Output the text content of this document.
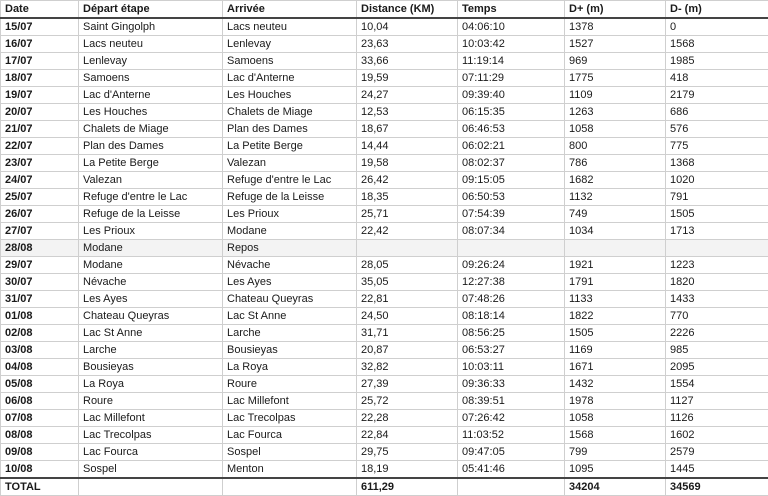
Date	Départ étape	Arrivée	Distance (KM)	Temps	D+ (m)	D- (m)
15/07	Saint Gingolph	Lacs neuteu	10,04	04:06:10	1378	0
16/07	Lacs neuteu	Lenlevay	23,63	10:03:42	1527	1568
17/07	Lenlevay	Samoens	33,66	11:19:14	969	1985
18/07	Samoens	Lac d'Anterne	19,59	07:11:29	1775	418
19/07	Lac d'Anterne	Les Houches	24,27	09:39:40	1109	2179
20/07	Les Houches	Chalets de Miage	12,53	06:15:35	1263	686
21/07	Chalets de Miage	Plan des Dames	18,67	06:46:53	1058	576
22/07	Plan des Dames	La Petite Berge	14,44	06:02:21	800	775
23/07	La Petite Berge	Valezan	19,58	08:02:37	786	1368
24/07	Valezan	Refuge d'entre le Lac	26,42	09:15:05	1682	1020
25/07	Refuge d'entre le Lac	Refuge de la Leisse	18,35	06:50:53	1132	791
26/07	Refuge de la Leisse	Les Prioux	25,71	07:54:39	749	1505
27/07	Les Prioux	Modane	22,42	08:07:34	1034	1713
28/08	Modane	Repos				
29/07	Modane	Névache	28,05	09:26:24	1921	1223
30/07	Névache	Les Ayes	35,05	12:27:38	1791	1820
31/07	Les Ayes	Chateau Queyras	22,81	07:48:26	1133	1433
01/08	Chateau Queyras	Lac St Anne	24,50	08:18:14	1822	770
02/08	Lac St Anne	Larche	31,71	08:56:25	1505	2226
03/08	Larche	Bousieyas	20,87	06:53:27	1169	985
04/08	Bousieyas	La Roya	32,82	10:03:11	1671	2095
05/08	La Roya	Roure	27,39	09:36:33	1432	1554
06/08	Roure	Lac Millefont	25,72	08:39:51	1978	1127
07/08	Lac Millefont	Lac Trecolpas	22,28	07:26:42	1058	1126
08/08	Lac Trecolpas	Lac Fourca	22,84	11:03:52	1568	1602
09/08	Lac Fourca	Sospel	29,75	09:47:05	799	2579
10/08	Sospel	Menton	18,19	05:41:46	1095	1445
TOTAL			611,29		34204	34569
